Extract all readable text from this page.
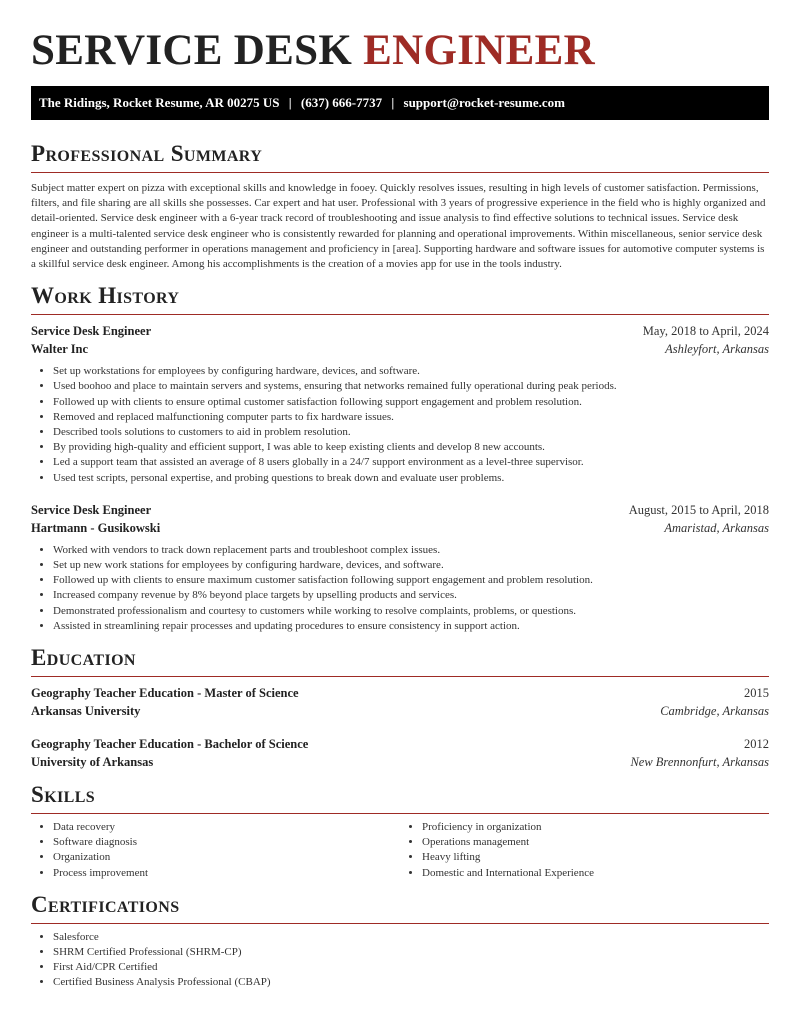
SERVICE DESK ENGINEER
The Ridings, Rocket Resume, AR 00275 US | (637) 666-7737 | support@rocket-resume.com
Professional Summary

Subject matter expert on pizza with exceptional skills and knowledge in fooey. Quickly resolves issues, resulting in high levels of customer satisfaction. Permissions, filters, and file sharing are all skills she possesses. Car expert and hat user. Professional with 3 years of progressive experience in the field who is highly organized and detail-oriented. Service desk engineer with a 6-year track record of troubleshooting and issue analysis to find effective solutions to technical issues. Service desk engineer is a multi-talented service desk engineer who is consistently rewarded for planning and operational improvements. Within miscellaneous, senior service desk engineer and outstanding performer in operations management and proficiency in [area]. Supporting hardware and software issues for automotive computer systems is a skillful service desk engineer. Among his accomplishments is the creation of a movies app for use in the tools industry.

Work History
Service Desk Engineer	May, 2018 to April, 2024
Walter Inc	Ashleyfort, Arkansas
• Set up workstations for employees by configuring hardware, devices, and software.
• Used boohoo and place to maintain servers and systems, ensuring that networks remained fully operational during peak periods.
• Followed up with clients to ensure optimal customer satisfaction following support engagement and problem resolution.
• Removed and replaced malfunctioning computer parts to fix hardware issues.
• Described tools solutions to customers to aid in problem resolution.
• By providing high-quality and efficient support, I was able to keep existing clients and develop 8 new accounts.
• Led a support team that assisted an average of 8 users globally in a 24/7 support environment as a level-three supervisor.
• Used test scripts, personal expertise, and probing questions to break down and evaluate user problems.
Service Desk Engineer	August, 2015 to April, 2018
Hartmann - Gusikowski	Amaristad, Arkansas
• Worked with vendors to track down replacement parts and troubleshoot complex issues.
• Set up new work stations for employees by configuring hardware, devices, and software.
• Followed up with clients to ensure maximum customer satisfaction following support engagement and problem resolution.
• Increased company revenue by 8% beyond place targets by upselling products and services.
• Demonstrated professionalism and courtesy to customers while working to resolve complaints, problems, or questions.
• Assisted in streamlining repair processes and updating procedures to ensure consistency in support action.
Education
Geography Teacher Education - Master of Science	2015
Arkansas University	Cambridge, Arkansas
Geography Teacher Education - Bachelor of Science	2012
University of Arkansas	New Brennonfurt, Arkansas
Skills
• Data recovery
• Software diagnosis
• Organization
• Process improvement
• Proficiency in organization
• Operations management
• Heavy lifting
• Domestic and International Experience
Certifications
• Salesforce
• SHRM Certified Professional (SHRM-CP)
• First Aid/CPR Certified
• Certified Business Analysis Professional (CBAP)
